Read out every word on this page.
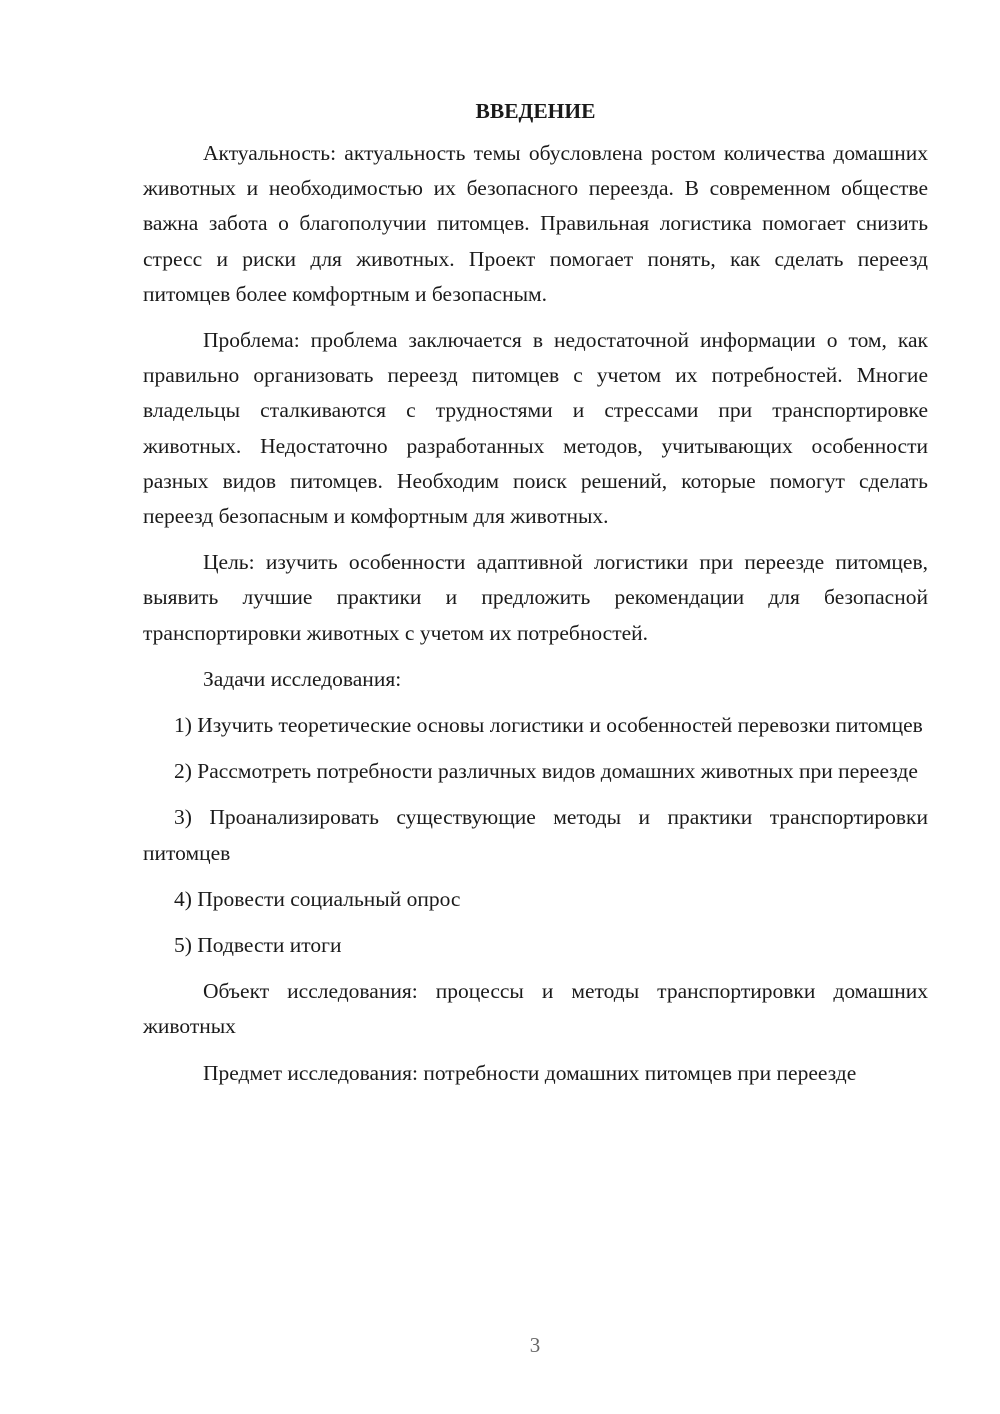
ВВЕДЕНИЕ

Актуальность: актуальность темы обусловлена ростом количества домашних животных и необходимостью их безопасного переезда. В современном обществе важна забота о благополучии питомцев. Правильная логистика помогает снизить стресс и риски для животных. Проект помогает понять, как сделать переезд питомцев более комфортным и безопасным.

Проблема: проблема заключается в недостаточной информации о том, как правильно организовать переезд питомцев с учетом их потребностей. Многие владельцы сталкиваются с трудностями и стрессами при транспортировке животных. Недостаточно разработанных методов, учитывающих особенности разных видов питомцев. Необходим поиск решений, которые помогут сделать переезд безопасным и комфортным для животных.

Цель: изучить особенности адаптивной логистики при переезде питомцев, выявить лучшие практики и предложить рекомендации для безопасной транспортировки животных с учетом их потребностей.

Задачи исследования:

1) Изучить теоретические основы логистики и особенностей перевозки питомцев

2) Рассмотреть потребности различных видов домашних животных при переезде

3) Проанализировать существующие методы и практики транспортировки питомцев

4) Провести социальный опрос

5) Подвести итоги

Объект исследования: процессы и методы транспортировки домашних животных

Предмет исследования: потребности домашних питомцев при переезде

3
